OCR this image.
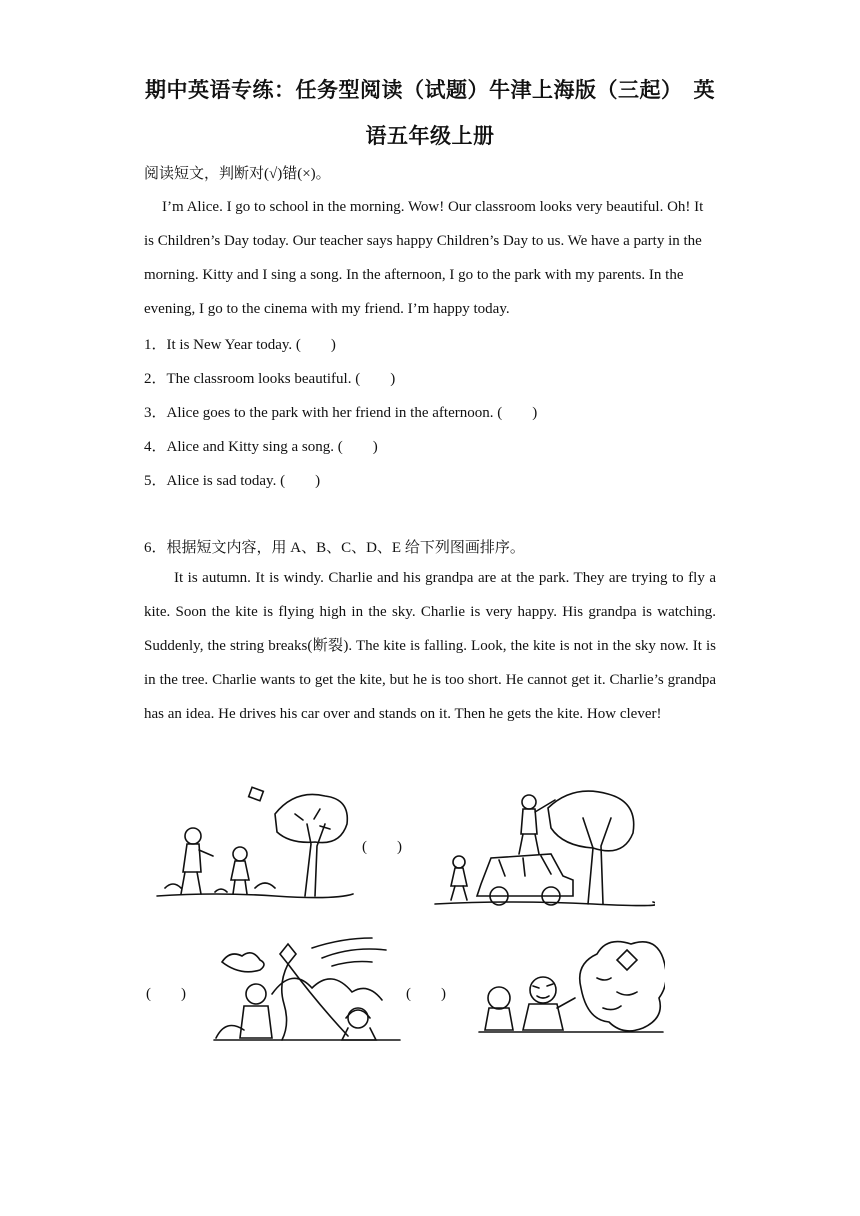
期中英语专练：任务型阅读（试题）牛津上海版（三起）　英
语五年级上册
阅读短文，判断对(√)错(×)。
I’m Alice. I go to school in the morning. Wow! Our classroom looks very beautiful. Oh! It is Children’s Day today. Our teacher says happy Children’s Day to us. We have a party in the morning. Kitty and I sing a song. In the afternoon, I go to the park with my parents. In the evening, I go to the cinema with my friend. I’m happy today.
1．It is New Year today. (　　)
2．The classroom looks beautiful. (　　)
3．Alice goes to the park with her friend in the afternoon. (　　)
4．Alice and Kitty sing a song. (　　)
5．Alice is sad today. (　　)
6．根据短文内容，用 A、B、C、D、E 给下列图画排序。
It is autumn. It is windy. Charlie and his grandpa are at the park. They are trying to fly a kite. Soon the kite is flying high in the sky. Charlie is very happy. His grandpa is watching. Suddenly, the string breaks(断裂). The kite is falling. Look, the kite is not in the sky now. It is in the tree. Charlie wants to get the kite, but he is too short. He cannot get it. Charlie’s grandpa has an idea. He drives his car over and stands on it. Then he gets the kite. How clever!
(　　)
(　　)	(　　)
